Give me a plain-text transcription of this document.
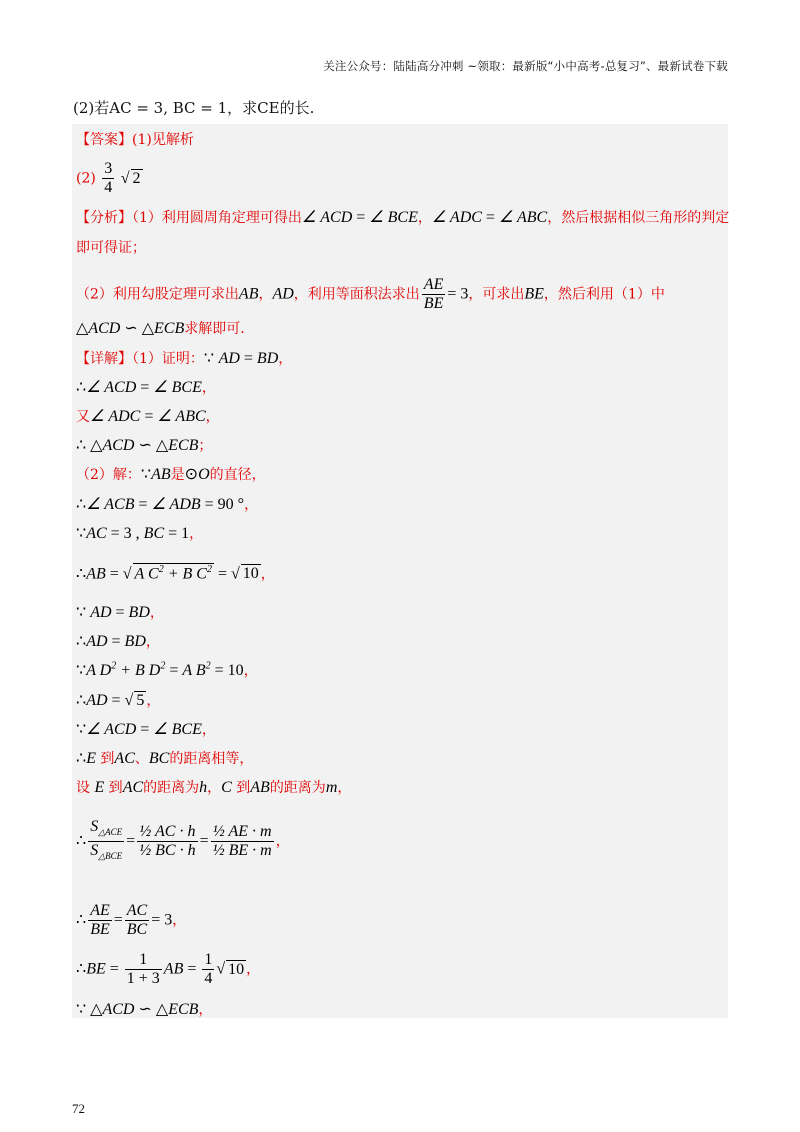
关注公众号：陆陆高分冲刺 ~领取：最新版“小中高考-总复习”、最新试卷下载
(2)若AC = 3, BC = 1，求CE的长.
【答案】(1)见解析
$(2) \frac{3}{4}$ √ 2
【分析】（1）利用圆周角定理可得出∠ ACD = ∠ BCE，∠ ADC = ∠ ABC，然后根据相似三角形的判定
即可得证；
（2）利用勾股定理可求出AB，AD，利用等面积法求出 $\frac{AE}{BE} = 3$，可求出BE，然后利用（1）中
△ACD ∽ △ECB求解即可.
【详解】（1）证明：∵ AD = BD，
∴∠ ACD = ∠ BCE，
又∠ ADC = ∠ ABC，
∴ △ACD ∽ △ECB；
（2）解：∵AB是⊙O的直径，
∴∠ ACB = ∠ ADB = 90 °，
∵AC = 3 , BC = 1，
∴AB = √ A $C^2 + B$ $C^2$ = √ 10 ，
∵ AD = BD，
∴AD = BD，
∵A $D^2 + B$ $D^2 = A$ $B^2 = 10$，
∴AD = √ 5 ，
∵∠ ACD = ∠ BCE，
∴E 到AC、BC的距离相等，
设 E 到AC的距离为h，C 到AB的距离为m，
∴ $\frac{S_{\triangle ACE}}{S_{\triangle BCE}} = \frac{\text{½ AC · h}}{\text{½ BC · h}} = \frac{\text{½ AE · m}}{\text{½ BE · m}}$ ，
∴ $\frac{AE}{BE} = \frac{AC}{BC} = 3$，
∴BE = $\frac{1}{1 + 3}$ AB = $\frac{1}{4}$ √ 10 ，
∵ △ACD ∽ △ECB，
72
